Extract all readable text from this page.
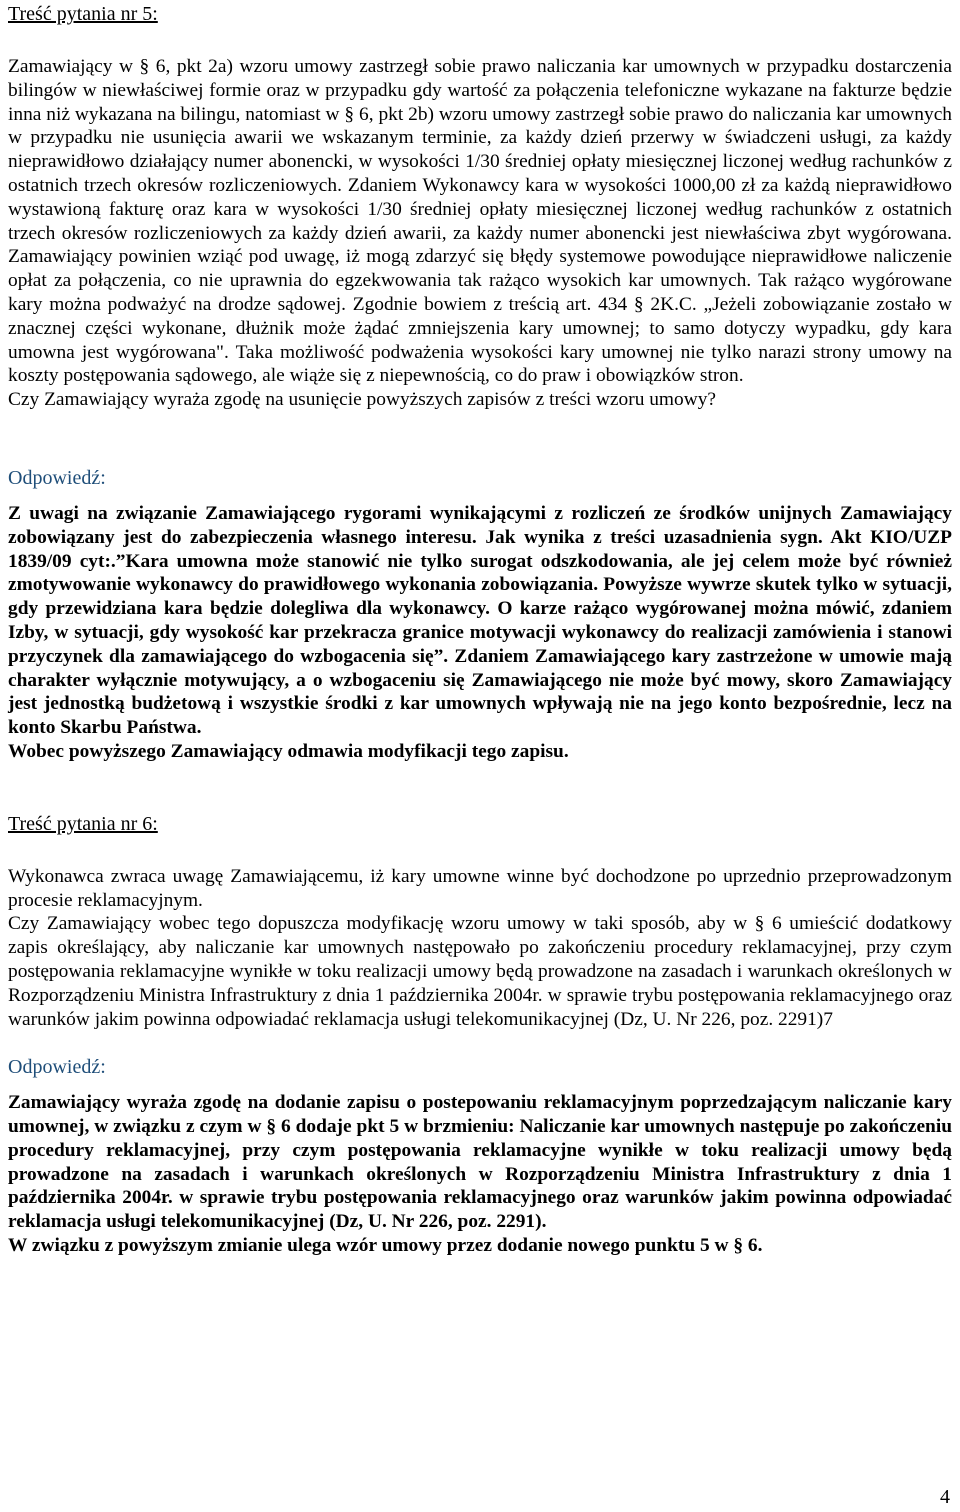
Treść pytania nr 5:

Zamawiający w § 6, pkt 2a) wzoru umowy zastrzegł sobie prawo naliczania kar umownych w przypadku dostarczenia bilingów w niewłaściwej formie oraz w przypadku gdy wartość za połączenia telefoniczne wykazane na fakturze będzie inna niż wykazana na bilingu, natomiast w § 6, pkt 2b) wzoru umowy zastrzegł sobie prawo do naliczania kar umownych w przypadku nie usunięcia awarii we wskazanym terminie, za każdy dzień przerwy w świadczeni usługi, za każdy nieprawidłowo działający numer abonencki, w wysokości 1/30 średniej opłaty miesięcznej liczonej według rachunków z ostatnich trzech okresów rozliczeniowych. Zdaniem Wykonawcy kara w wysokości 1000,00 zł za każdą nieprawidłowo wystawioną fakturę oraz kara w wysokości 1/30 średniej opłaty miesięcznej liczonej według rachunków z ostatnich trzech okresów rozliczeniowych za każdy dzień awarii, za każdy numer abonencki jest niewłaściwa zbyt wygórowana. Zamawiający powinien wziąć pod uwagę, iż mogą zdarzyć się błędy systemowe powodujące nieprawidłowe naliczenie opłat za połączenia, co nie uprawnia do egzekwowania tak rażąco wysokich kar umownych. Tak rażąco wygórowane kary można podważyć na drodze sądowej. Zgodnie bowiem z treścią art. 434 § 2K.C. „Jeżeli zobowiązanie zostało w znacznej części wykonane, dłużnik może żądać zmniejszenia kary umownej; to samo dotyczy wypadku, gdy kara umowna jest wygórowana". Taka możliwość podważenia wysokości kary umownej nie tylko narazi strony umowy na koszty postępowania sądowego, ale wiąże się z niepewnością, co do praw i obowiązków stron.

Czy Zamawiający wyraża zgodę na usunięcie powyższych zapisów z treści wzoru umowy?

Odpowiedź:

Z uwagi na związanie Zamawiającego rygorami wynikającymi z rozliczeń ze środków unijnych Zamawiający zobowiązany jest do zabezpieczenia własnego interesu. Jak wynika z treści uzasadnienia sygn. Akt KIO/UZP 1839/09 cyt:.”Kara umowna może stanowić nie tylko surogat odszkodowania, ale jej celem może być również zmotywowanie wykonawcy do prawidłowego wykonania zobowiązania. Powyższe wywrze skutek tylko w sytuacji, gdy przewidziana kara będzie dolegliwa dla wykonawcy. O karze rażąco wygórowanej można mówić, zdaniem Izby, w sytuacji, gdy wysokość kar przekracza granice motywacji wykonawcy do realizacji zamówienia i stanowi przyczynek dla zamawiającego do wzbogacenia się”. Zdaniem Zamawiającego kary zastrzeżone w umowie mają charakter wyłącznie motywujący, a o wzbogaceniu się Zamawiającego nie może być mowy, skoro Zamawiający jest jednostką budżetową i wszystkie środki z kar umownych wpływają nie na jego konto bezpośrednie, lecz na konto Skarbu Państwa.

Wobec powyższego Zamawiający odmawia modyfikacji tego zapisu.

Treść pytania nr 6:

Wykonawca zwraca uwagę Zamawiającemu, iż kary umowne winne być dochodzone po uprzednio przeprowadzonym procesie reklamacyjnym.

Czy Zamawiający wobec tego dopuszcza modyfikację wzoru umowy w taki sposób, aby w § 6 umieścić dodatkowy zapis określający, aby naliczanie kar umownych następowało po zakończeniu procedury reklamacyjnej, przy czym postępowania reklamacyjne wynikłe w toku realizacji umowy będą prowadzone na zasadach i warunkach określonych w Rozporządzeniu Ministra Infrastruktury z dnia 1 października 2004r. w sprawie trybu postępowania reklamacyjnego oraz warunków jakim powinna odpowiadać reklamacja usługi telekomunikacyjnej (Dz, U. Nr 226, poz. 2291)7

Odpowiedź:

Zamawiający wyraża zgodę na dodanie zapisu o postepowaniu reklamacyjnym poprzedzającym naliczanie kary umownej, w związku z czym w § 6 dodaje pkt 5 w brzmieniu: Naliczanie kar umownych następuje po zakończeniu procedury reklamacyjnej, przy czym postępowania reklamacyjne wynikłe w toku realizacji umowy będą prowadzone na zasadach i warunkach określonych w Rozporządzeniu Ministra Infrastruktury z dnia 1 października 2004r. w sprawie trybu postępowania reklamacyjnego oraz warunków jakim powinna odpowiadać reklamacja usługi telekomunikacyjnej (Dz, U. Nr 226, poz. 2291).

W związku z powyższym zmianie ulega wzór umowy przez dodanie nowego punktu 5 w § 6.

4
